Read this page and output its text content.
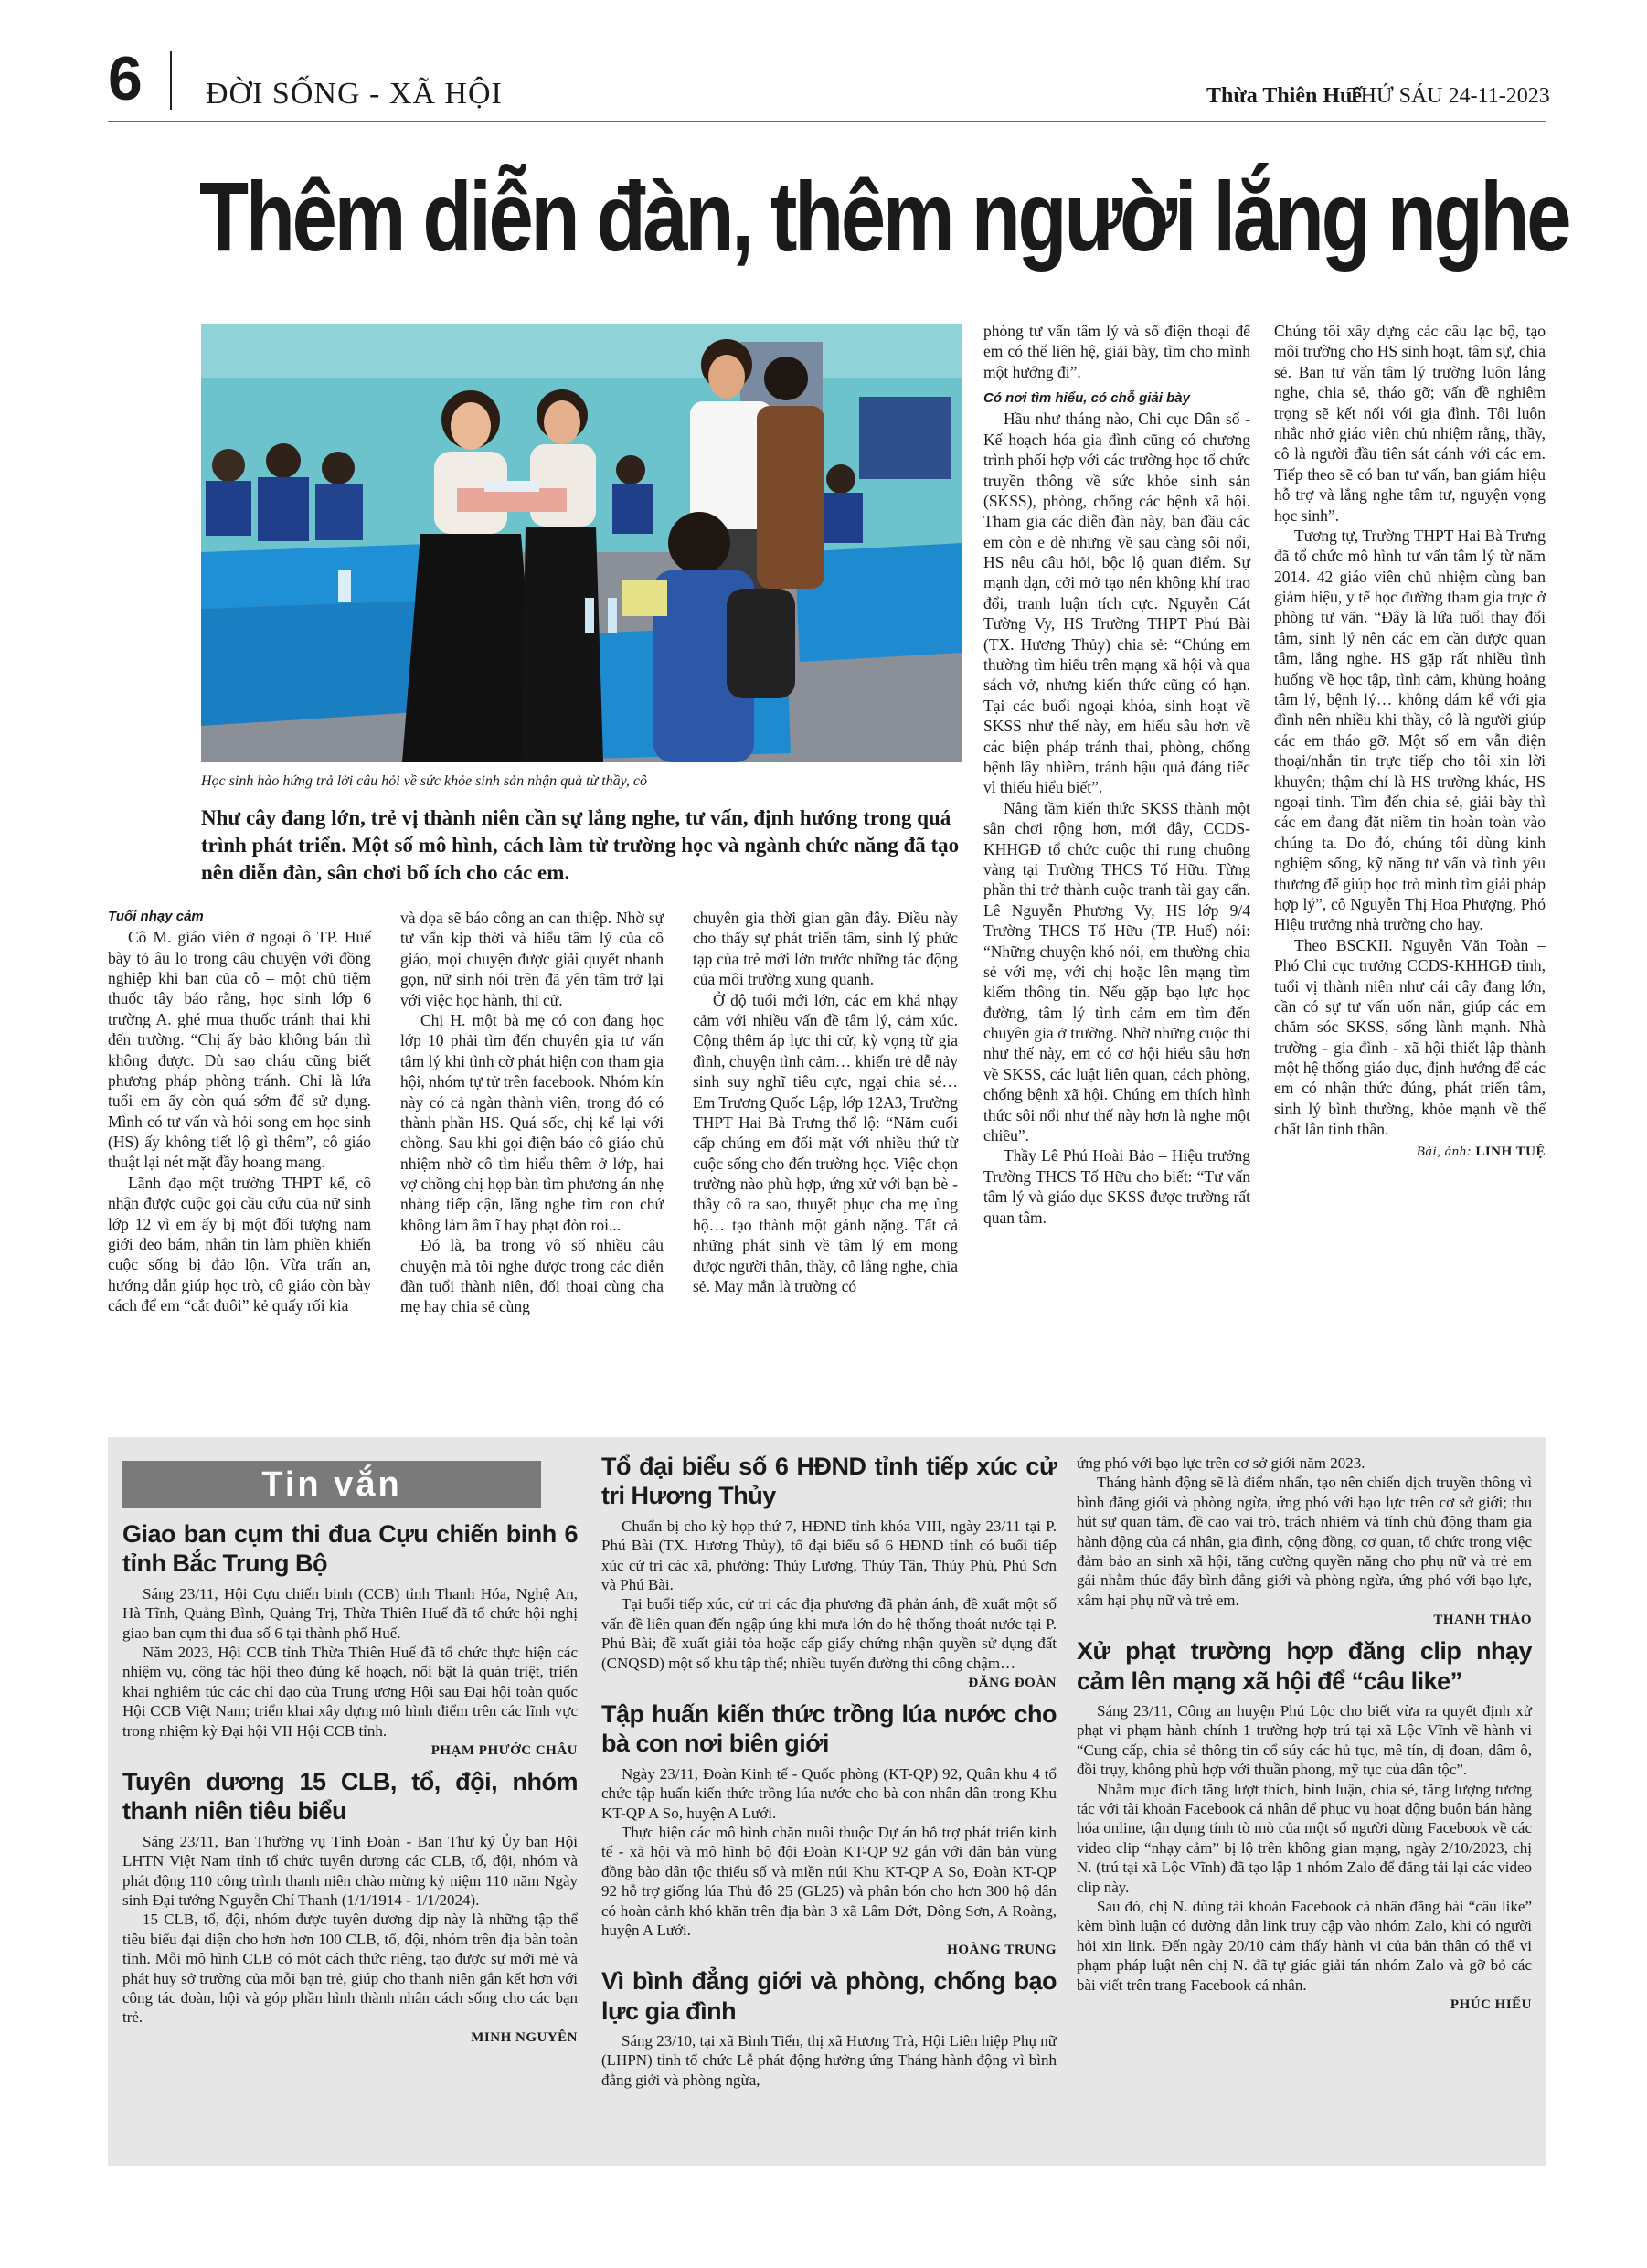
6 ĐỜI SỐNG - XÃ HỘI	Thừa Thiên Huế
THỨ SÁU 24-11-2023
Thêm diễn đàn, thêm người lắng nghe
Học sinh hào hứng trả lời câu hỏi về sức khỏe sinh sản nhận quà từ thầy, cô
Như cây đang lớn, trẻ vị thành niên cần sự lắng nghe, tư vấn, định hướng trong quá trình phát triển. Một số mô hình, cách làm từ trường học và ngành chức năng đã tạo nên diễn đàn, sân chơi bổ ích cho các em.

Tuổi nhạy cảm

Cô M. giáo viên ở ngoại ô TP. Huế bày tỏ âu lo trong câu chuyện với đồng nghiệp khi bạn của cô – một chủ tiệm thuốc tây báo rằng, học sinh lớp 6 trường A. ghé mua thuốc tránh thai khi đến trường. “Chị ấy bảo không bán thì không được. Dù sao cháu cũng biết phương pháp phòng tránh. Chỉ là lứa tuổi em ấy còn quá sớm để sử dụng. Mình có tư vấn và hỏi song em học sinh (HS) ấy không tiết lộ gì thêm”, cô giáo thuật lại nét mặt đầy hoang mang.

Lãnh đạo một trường THPT kể, cô nhận được cuộc gọi cầu cứu của nữ sinh lớp 12 vì em ấy bị một đối tượng nam giới đeo bám, nhắn tin làm phiền khiến cuộc sống bị đảo lộn. Vừa trấn an, hướng dẫn giúp học trò, cô giáo còn bày cách để em “cắt đuôi” kẻ quấy rối kia

và dọa sẽ báo công an can thiệp. Nhờ sự tư vấn kịp thời và hiểu tâm lý của cô giáo, mọi chuyện được giải quyết nhanh gọn, nữ sinh nói trên đã yên tâm trở lại với việc học hành, thi cử.

Chị H. một bà mẹ có con đang học lớp 10 phải tìm đến chuyên gia tư vấn tâm lý khi tình cờ phát hiện con tham gia hội, nhóm tự tử trên facebook. Nhóm kín này có cả ngàn thành viên, trong đó có thành phần HS. Quá sốc, chị kể lại với chồng. Sau khi gọi điện báo cô giáo chủ nhiệm nhờ cô tìm hiểu thêm ở lớp, hai vợ chồng chị họp bàn tìm phương án nhẹ nhàng tiếp cận, lắng nghe tìm con chứ không làm ầm ĩ hay phạt đòn roi...

Đó là, ba trong vô số nhiều câu chuyện mà tôi nghe được trong các diễn đàn tuổi thành niên, đối thoại cùng cha mẹ hay chia sẻ cùng

chuyên gia thời gian gần đây. Điều này cho thấy sự phát triển tâm, sinh lý phức tạp của trẻ mới lớn trước những tác động của môi trường xung quanh.

Ở độ tuổi mới lớn, các em khá nhạy cảm với nhiều vấn đề tâm lý, cảm xúc. Cộng thêm áp lực thi cử, kỳ vọng từ gia đình, chuyện tình cảm… khiến trẻ dễ nảy sinh suy nghĩ tiêu cực, ngại chia sẻ… Em Trương Quốc Lập, lớp 12A3, Trường THPT Hai Bà Trưng thổ lộ: “Năm cuối cấp chúng em đối mặt với nhiều thứ từ cuộc sống cho đến trường học. Việc chọn trường nào phù hợp, ứng xử với bạn bè - thầy cô ra sao, thuyết phục cha mẹ ủng hộ… tạo thành một gánh nặng. Tất cả những phát sinh về tâm lý em mong được người thân, thầy, cô lắng nghe, chia sẻ. May mắn là trường có

phòng tư vấn tâm lý và số điện thoại để em có thể liên hệ, giải bày, tìm cho mình một hướng đi”.

Có nơi tìm hiểu, có chỗ giải bày

Hầu như tháng nào, Chi cục Dân số - Kế hoạch hóa gia đình cũng có chương trình phối hợp với các trường học tổ chức truyền thông về sức khỏe sinh sản (SKSS), phòng, chống các bệnh xã hội. Tham gia các diễn đàn này, ban đầu các em còn e dè nhưng về sau càng sôi nổi, HS nêu câu hỏi, bộc lộ quan điểm. Sự mạnh dạn, cởi mở tạo nên không khí trao đổi, tranh luận tích cực. Nguyễn Cát Tường Vy, HS Trường THPT Phú Bài (TX. Hương Thủy) chia sẻ: “Chúng em thường tìm hiểu trên mạng xã hội và qua sách vở, nhưng kiến thức cũng có hạn. Tại các buổi ngoại khóa, sinh hoạt về SKSS như thế này, em hiểu sâu hơn về các biện pháp tránh thai, phòng, chống bệnh lây nhiễm, tránh hậu quả đáng tiếc vì thiếu hiểu biết”.

Nâng tầm kiến thức SKSS thành một sân chơi rộng hơn, mới đây, CCDS-KHHGĐ tổ chức cuộc thi rung chuông vàng tại Trường THCS Tố Hữu. Từng phần thi trở thành cuộc tranh tài gay cấn. Lê Nguyễn Phương Vy, HS lớp 9/4 Trường THCS Tố Hữu (TP. Huế) nói: “Những chuyện khó nói, em thường chia sẻ với mẹ, với chị hoặc lên mạng tìm kiếm thông tin. Nếu gặp bạo lực học đường, tâm lý tình cảm em tìm đến chuyên gia ở trường. Nhờ những cuộc thi như thế này, em có cơ hội hiểu sâu hơn về SKSS, các luật liên quan, cách phòng, chống bệnh xã hội. Chúng em thích hình thức sôi nổi như thế này hơn là nghe một chiều”.

Thầy Lê Phú Hoài Bảo – Hiệu trưởng Trường THCS Tố Hữu cho biết: “Tư vấn tâm lý và giáo dục SKSS được trường rất quan tâm.

Chúng tôi xây dựng các câu lạc bộ, tạo môi trường cho HS sinh hoạt, tâm sự, chia sẻ. Ban tư vấn tâm lý trường luôn lắng nghe, chia sẻ, tháo gỡ; vấn đề nghiêm trọng sẽ kết nối với gia đình. Tôi luôn nhắc nhở giáo viên chủ nhiệm rằng, thầy, cô là người đầu tiên sát cánh với các em. Tiếp theo sẽ có ban tư vấn, ban giám hiệu hỗ trợ và lắng nghe tâm tư, nguyện vọng học sinh”.

Tương tự, Trường THPT Hai Bà Trưng đã tổ chức mô hình tư vấn tâm lý từ năm 2014. 42 giáo viên chủ nhiệm cùng ban giám hiệu, y tế học đường tham gia trực ở phòng tư vấn. “Đây là lứa tuổi thay đổi tâm, sinh lý nên các em cần được quan tâm, lắng nghe. HS gặp rất nhiều tình huống về học tập, tình cảm, khủng hoảng tâm lý, bệnh lý… không dám kể với gia đình nên nhiều khi thầy, cô là người giúp các em tháo gỡ. Một số em vẫn điện thoại/nhắn tin trực tiếp cho tôi xin lời khuyên; thậm chí là HS trường khác, HS ngoại tỉnh. Tìm đến chia sẻ, giải bày thì các em đang đặt niềm tin hoàn toàn vào chúng ta. Do đó, chúng tôi dùng kinh nghiệm sống, kỹ năng tư vấn và tình yêu thương để giúp học trò mình tìm giải pháp hợp lý”, cô Nguyễn Thị Hoa Phượng, Phó Hiệu trưởng nhà trường cho hay.

Theo BSCKII. Nguyễn Văn Toàn – Phó Chi cục trưởng CCDS-KHHGĐ tỉnh, tuổi vị thành niên như cái cây đang lớn, cần có sự tư vấn uốn nắn, giúp các em chăm sóc SKSS, sống lành mạnh. Nhà trường - gia đình - xã hội thiết lập thành một hệ thống giáo dục, định hướng để các em có nhận thức đúng, phát triển tâm, sinh lý bình thường, khỏe mạnh về thể chất lẫn tinh thần.

Bài, ảnh: LINH TUỆ
Tin vắn

Giao ban cụm thi đua Cựu chiến binh 6 tỉnh Bắc Trung Bộ

Sáng 23/11, Hội Cựu chiến binh (CCB) tỉnh Thanh Hóa, Nghệ An, Hà Tĩnh, Quảng Bình, Quảng Trị, Thừa Thiên Huế đã tổ chức hội nghị giao ban cụm thi đua số 6 tại thành phố Huế.

Năm 2023, Hội CCB tỉnh Thừa Thiên Huế đã tổ chức thực hiện các nhiệm vụ, công tác hội theo đúng kế hoạch, nổi bật là quán triệt, triển khai nghiêm túc các chỉ đạo của Trung ương Hội sau Đại hội toàn quốc Hội CCB Việt Nam; triển khai xây dựng mô hình điểm trên các lĩnh vực trong nhiệm kỳ Đại hội VII Hội CCB tỉnh.

PHẠM PHƯỚC CHÂU

Tuyên dương 15 CLB, tổ, đội, nhóm thanh niên tiêu biểu

Sáng 23/11, Ban Thường vụ Tỉnh Đoàn - Ban Thư ký Ủy ban Hội LHTN Việt Nam tỉnh tổ chức tuyên dương các CLB, tổ, đội, nhóm và phát động 110 công trình thanh niên chào mừng kỷ niệm 110 năm Ngày sinh Đại tướng Nguyễn Chí Thanh (1/1/1914 - 1/1/2024).

15 CLB, tổ, đội, nhóm được tuyên dương dịp này là những tập thể tiêu biểu đại diện cho hơn hơn 100 CLB, tổ, đội, nhóm trên địa bàn toàn tỉnh. Mỗi mô hình CLB có một cách thức riêng, tạo được sự mới mẻ và phát huy sở trường của mỗi bạn trẻ, giúp cho thanh niên gắn kết hơn với công tác đoàn, hội và góp phần hình thành nhân cách sống cho các bạn trẻ.

MINH NGUYÊN

Tổ đại biểu số 6 HĐND tỉnh tiếp xúc cử tri Hương Thủy

Chuẩn bị cho kỳ họp thứ 7, HĐND tỉnh khóa VIII, ngày 23/11 tại P. Phú Bài (TX. Hương Thủy), tổ đại biểu số 6 HĐND tỉnh có buổi tiếp xúc cử tri các xã, phường: Thủy Lương, Thủy Tân, Thủy Phù, Phú Sơn và Phú Bài.

Tại buổi tiếp xúc, cử tri các địa phương đã phản ánh, đề xuất một số vấn đề liên quan đến ngập úng khi mưa lớn do hệ thống thoát nước tại P. Phú Bài; đề xuất giải tỏa hoặc cấp giấy chứng nhận quyền sử dụng đất (CNQSD) một số khu tập thể; nhiều tuyến đường thi công chậm…

ĐĂNG ĐOÀN

Tập huấn kiến thức trồng lúa nước cho bà con nơi biên giới

Ngày 23/11, Đoàn Kinh tế - Quốc phòng (KT-QP) 92, Quân khu 4 tổ chức tập huấn kiến thức trồng lúa nước cho bà con nhân dân trong Khu KT-QP A So, huyện A Lưới.

Thực hiện các mô hình chăn nuôi thuộc Dự án hỗ trợ phát triển kinh tế - xã hội và mô hình bộ đội Đoàn KT-QP 92 gắn với dân bản vùng đồng bào dân tộc thiểu số và miền núi Khu KT-QP A So, Đoàn KT-QP 92 hỗ trợ giống lúa Thủ đô 25 (GL25) và phân bón cho hơn 300 hộ dân có hoàn cảnh khó khăn trên địa bàn 3 xã Lâm Đớt, Đông Sơn, A Roàng, huyện A Lưới.

HOÀNG TRUNG

Vì bình đẳng giới và phòng, chống bạo lực gia đình

Sáng 23/10, tại xã Bình Tiến, thị xã Hương Trà, Hội Liên hiệp Phụ nữ (LHPN) tỉnh tổ chức Lễ phát động hưởng ứng Tháng hành động vì bình đẳng giới và phòng ngừa,

ứng phó với bạo lực trên cơ sở giới năm 2023.

Tháng hành động sẽ là điểm nhấn, tạo nên chiến dịch truyền thông vì bình đẳng giới và phòng ngừa, ứng phó với bạo lực trên cơ sở giới; thu hút sự quan tâm, đề cao vai trò, trách nhiệm và tính chủ động tham gia hành động của cá nhân, gia đình, cộng đồng, cơ quan, tổ chức trong việc đảm bảo an sinh xã hội, tăng cường quyền năng cho phụ nữ và trẻ em gái nhằm thúc đẩy bình đẳng giới và phòng ngừa, ứng phó với bạo lực, xâm hại phụ nữ và trẻ em.

THANH THẢO

Xử phạt trường hợp đăng clip nhạy cảm lên mạng xã hội để “câu like”

Sáng 23/11, Công an huyện Phú Lộc cho biết vừa ra quyết định xử phạt vi phạm hành chính 1 trường hợp trú tại xã Lộc Vĩnh về hành vi “Cung cấp, chia sẻ thông tin cổ súy các hủ tục, mê tín, dị đoan, dâm ô, đồi trụy, không phù hợp với thuần phong, mỹ tục của dân tộc”.

Nhằm mục đích tăng lượt thích, bình luận, chia sẻ, tăng lượng tương tác với tài khoản Facebook cá nhân để phục vụ hoạt động buôn bán hàng hóa online, tận dụng tính tò mò của một số người dùng Facebook về các video clip “nhạy cảm” bị lộ trên không gian mạng, ngày 2/10/2023, chị N. (trú tại xã Lộc Vĩnh) đã tạo lập 1 nhóm Zalo để đăng tải lại các video clip này.

Sau đó, chị N. dùng tài khoản Facebook cá nhân đăng bài “câu like” kèm bình luận có đường dẫn link truy cập vào nhóm Zalo, khi có người hỏi xin link. Đến ngày 20/10 cảm thấy hành vi của bản thân có thể vi phạm pháp luật nên chị N. đã tự giác giải tán nhóm Zalo và gỡ bỏ các bài viết trên trang Facebook cá nhân.

PHÚC HIẾU
